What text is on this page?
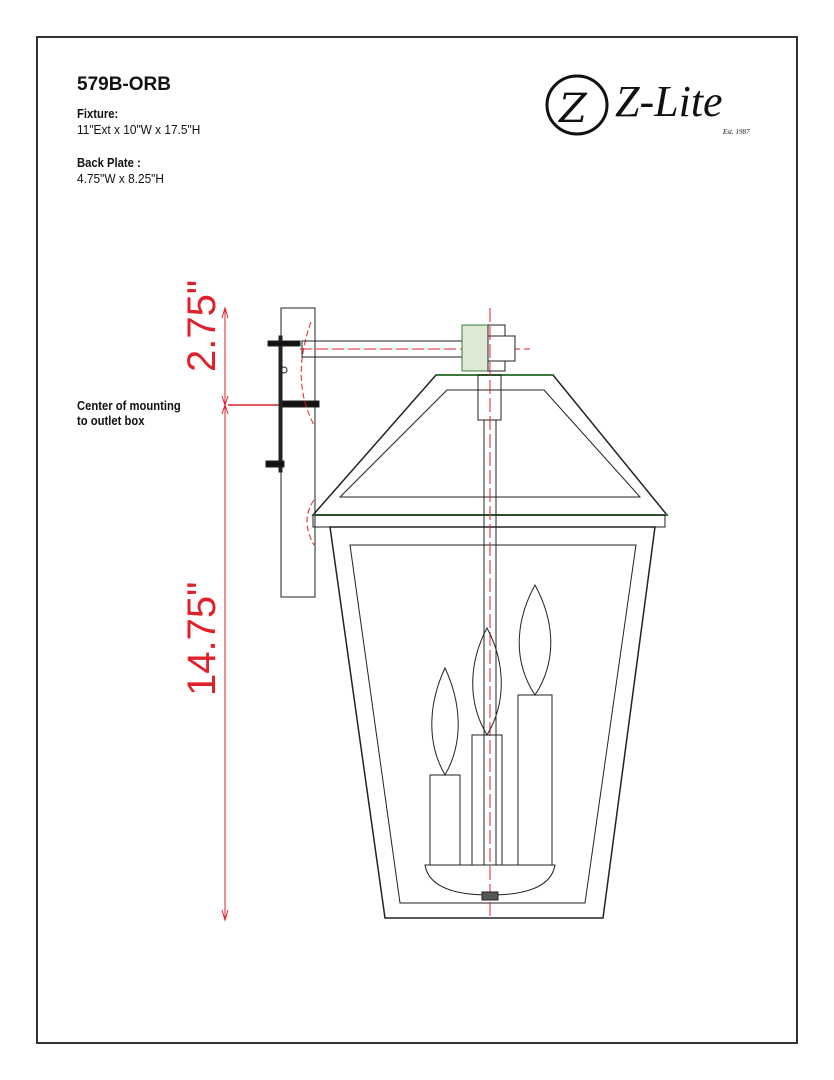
579B-ORB
Fixture:
11"Ext x 10"W x 17.5"H
Back Plate :
4.75"W x 8.25"H
Center of mounting
to outlet box
2.75"
14.75"
Z Z-Lite
Est. 1987
